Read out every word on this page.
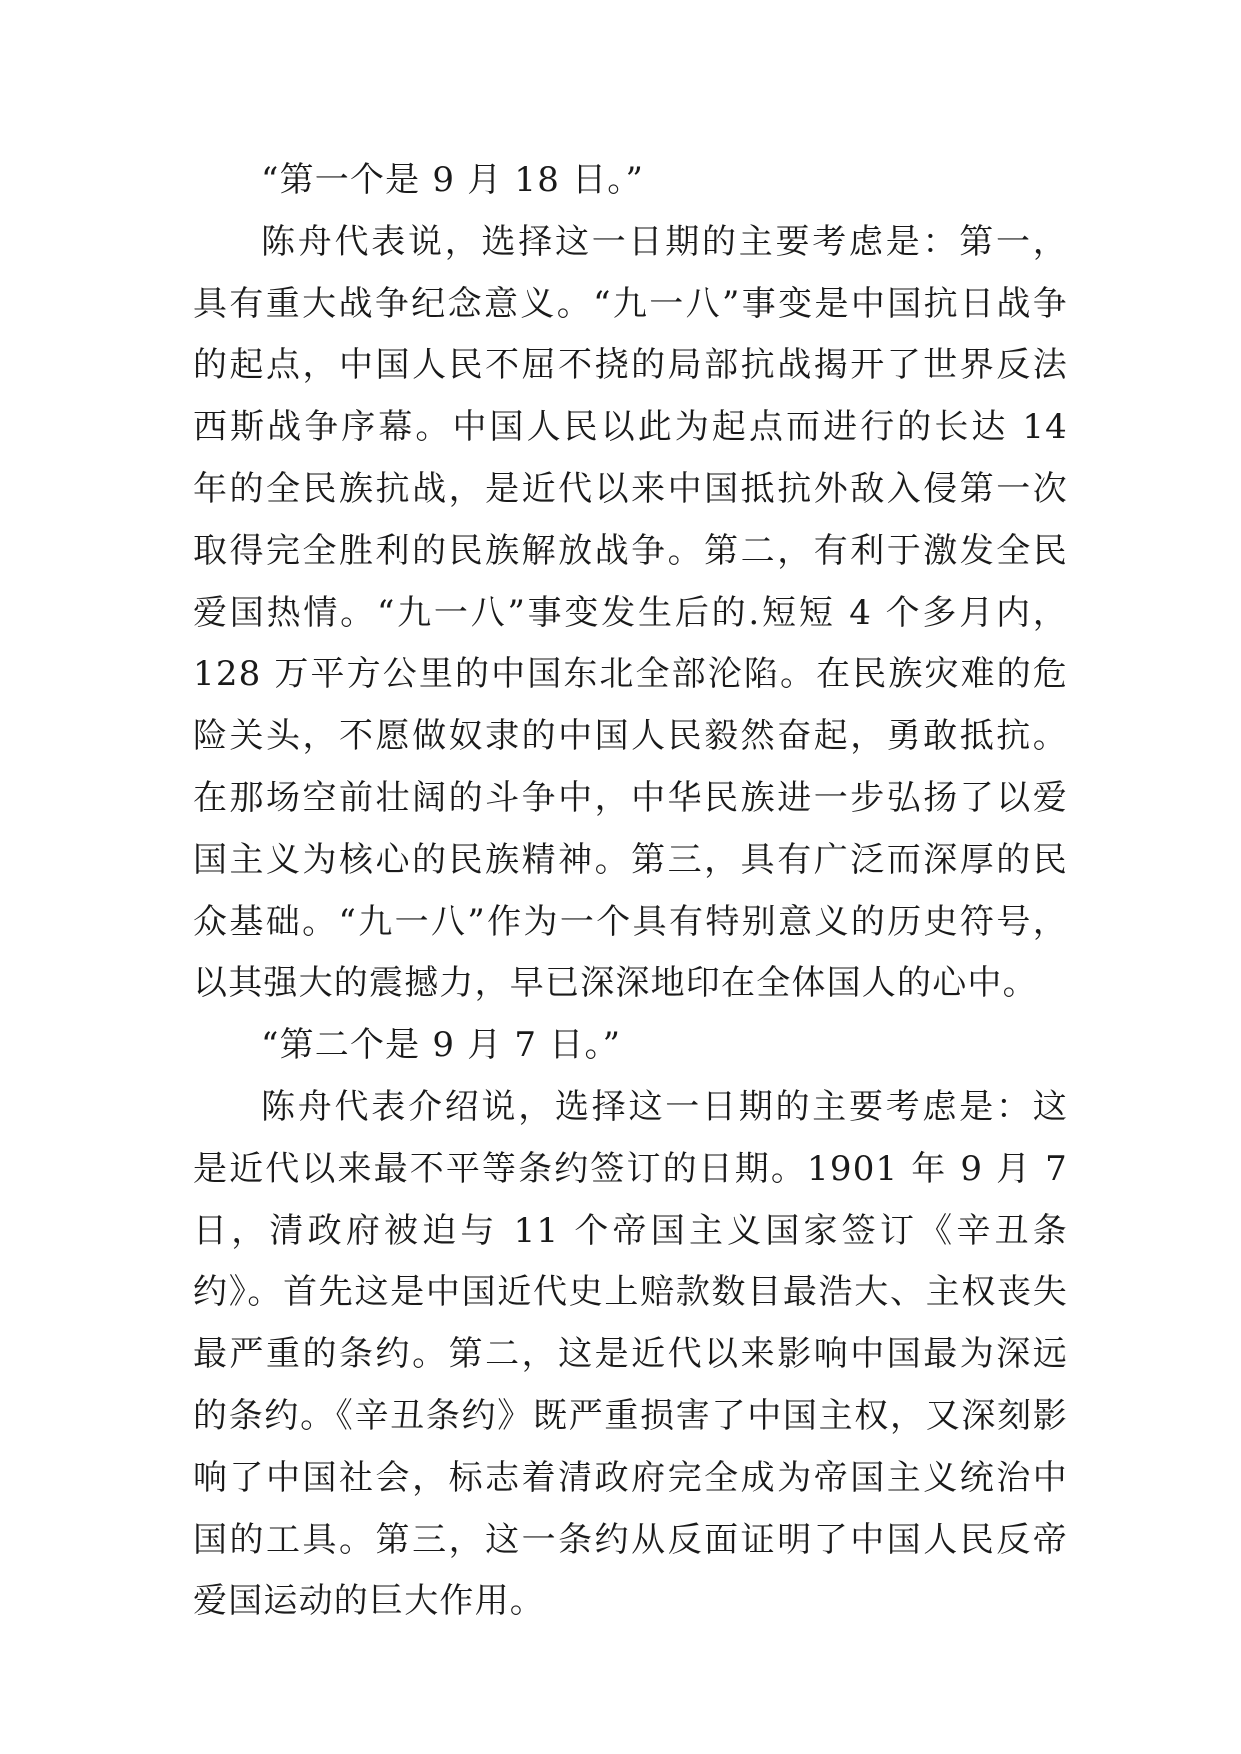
“第一个是 9 月 18 日。”

陈舟代表说，选择这一日期的主要考虑是：第一，具有重大战争纪念意义。“九一八”事变是中国抗日战争的起点，中国人民不屈不挠的局部抗战揭开了世界反法西斯战争序幕。中国人民以此为起点而进行的长达 14 年的全民族抗战，是近代以来中国抵抗外敌入侵第一次取得完全胜利的民族解放战争。第二，有利于激发全民爱国热情。“九一八”事变发生后的.短短 4 个多月内，128 万平方公里的中国东北全部沦陷。在民族灾难的危险关头，不愿做奴隶的中国人民毅然奋起，勇敢抵抗。在那场空前壮阔的斗争中，中华民族进一步弘扬了以爱国主义为核心的民族精神。第三，具有广泛而深厚的民众基础。“九一八”作为一个具有特别意义的历史符号，以其强大的震撼力，早已深深地印在全体国人的心中。

“第二个是 9 月 7 日。”

陈舟代表介绍说，选择这一日期的主要考虑是：这是近代以来最不平等条约签订的日期。1901 年 9 月 7 日，清政府被迫与 11 个帝国主义国家签订《辛丑条约》。首先这是中国近代史上赔款数目最浩大、主权丧失最严重的条约。第二，这是近代以来影响中国最为深远的条约。《辛丑条约》既严重损害了中国主权，又深刻影响了中国社会，标志着清政府完全成为帝国主义统治中国的工具。第三，这一条约从反面证明了中国人民反帝爱国运动的巨大作用。
